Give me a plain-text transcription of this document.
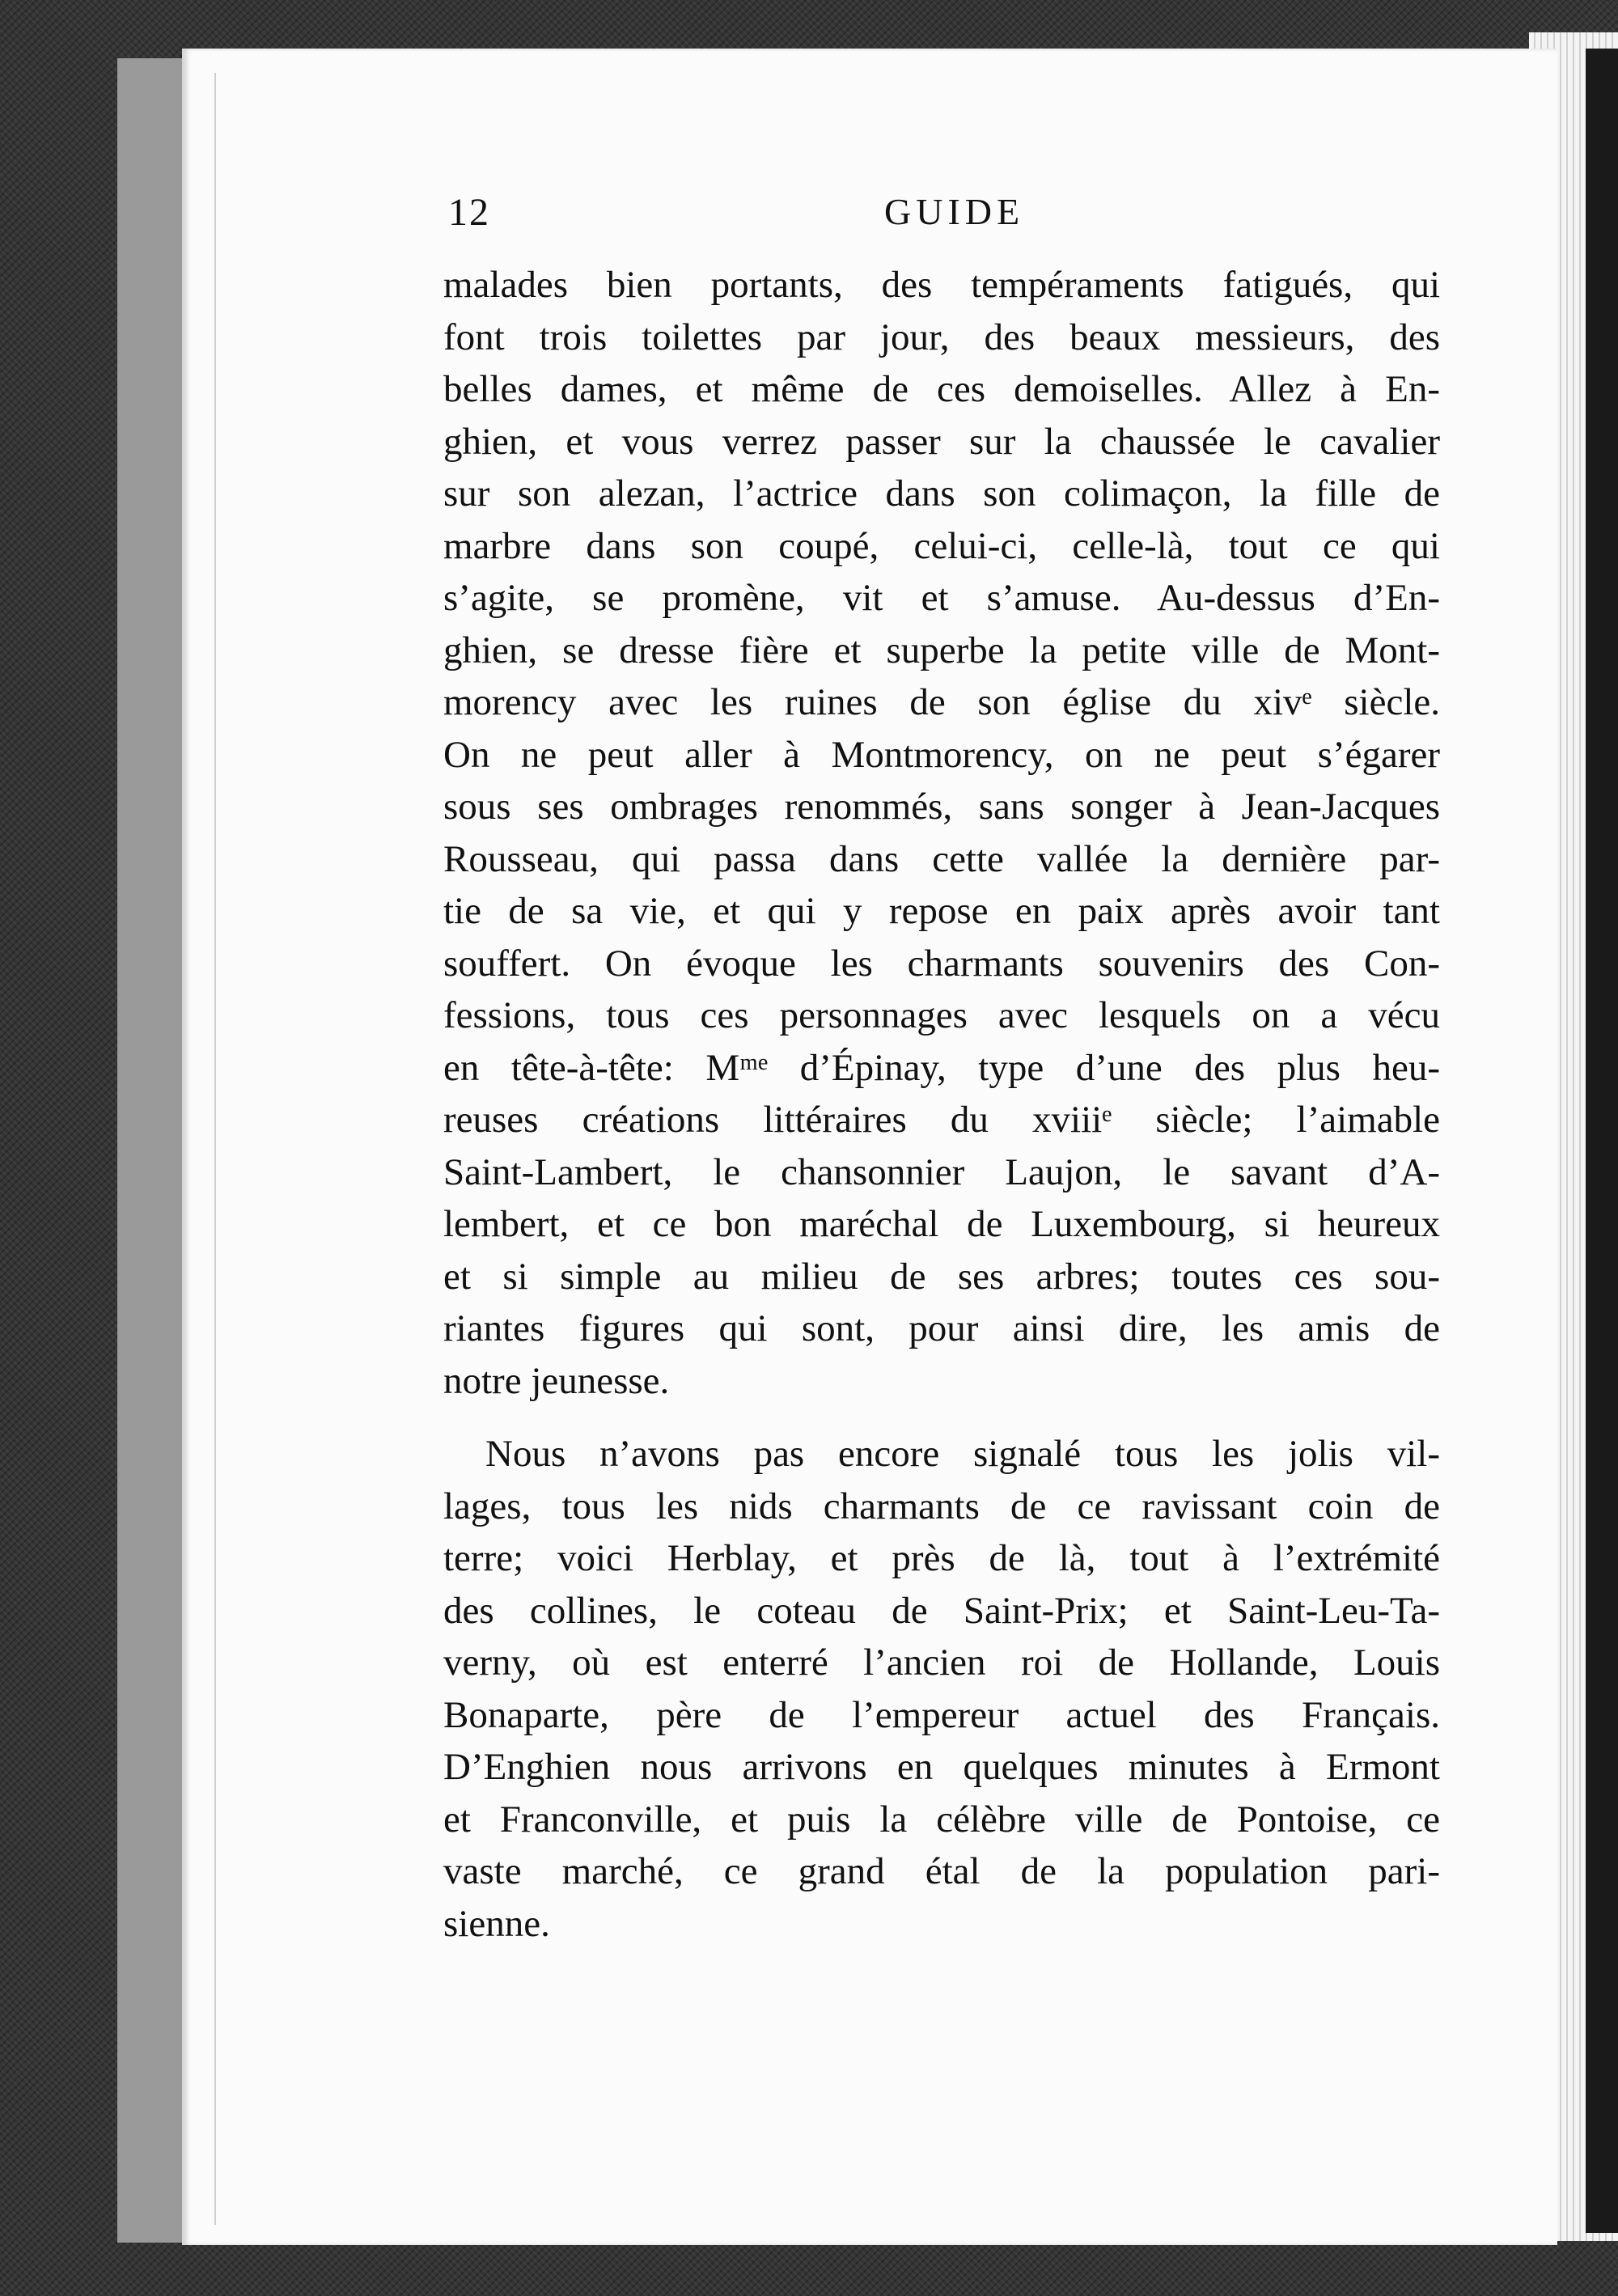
12	GUIDE
malades bien portants, des tempéraments fatigués, qui
font trois toilettes par jour, des beaux messieurs, des
belles dames, et même de ces demoiselles. Allez à En-
ghien, et vous verrez passer sur la chaussée le cavalier
sur son alezan, l’actrice dans son colimaçon, la fille de
marbre dans son coupé, celui-ci, celle-là, tout ce qui
s’agite, se promène, vit et s’amuse. Au-dessus d’En-
ghien, se dresse fière et superbe la petite ville de Mont-
morency avec les ruines de son église du xivᵉ siècle.
On ne peut aller à Montmorency, on ne peut s’égarer
sous ses ombrages renommés, sans songer à Jean-Jacques
Rousseau, qui passa dans cette vallée la dernière par-
tie de sa vie, et qui y repose en paix après avoir tant
souffert. On évoque les charmants souvenirs des Con-
fessions, tous ces personnages avec lesquels on a vécu
en tête-à-tête: Mᵐᵉ d’Épinay, type d’une des plus heu-
reuses créations littéraires du xviiiᵉ siècle; l’aimable
Saint-Lambert, le chansonnier Laujon, le savant d’A-
lembert, et ce bon maréchal de Luxembourg, si heureux
et si simple au milieu de ses arbres; toutes ces sou-
riantes figures qui sont, pour ainsi dire, les amis de
notre jeunesse.
Nous n’avons pas encore signalé tous les jolis vil-
lages, tous les nids charmants de ce ravissant coin de
terre; voici Herblay, et près de là, tout à l’extrémité
des collines, le coteau de Saint-Prix; et Saint-Leu-Ta-
verny, où est enterré l’ancien roi de Hollande, Louis
Bonaparte, père de l’empereur actuel des Français.
D’Enghien nous arrivons en quelques minutes à Ermont
et Franconville, et puis la célèbre ville de Pontoise, ce
vaste marché, ce grand étal de la population pari-
sienne.
